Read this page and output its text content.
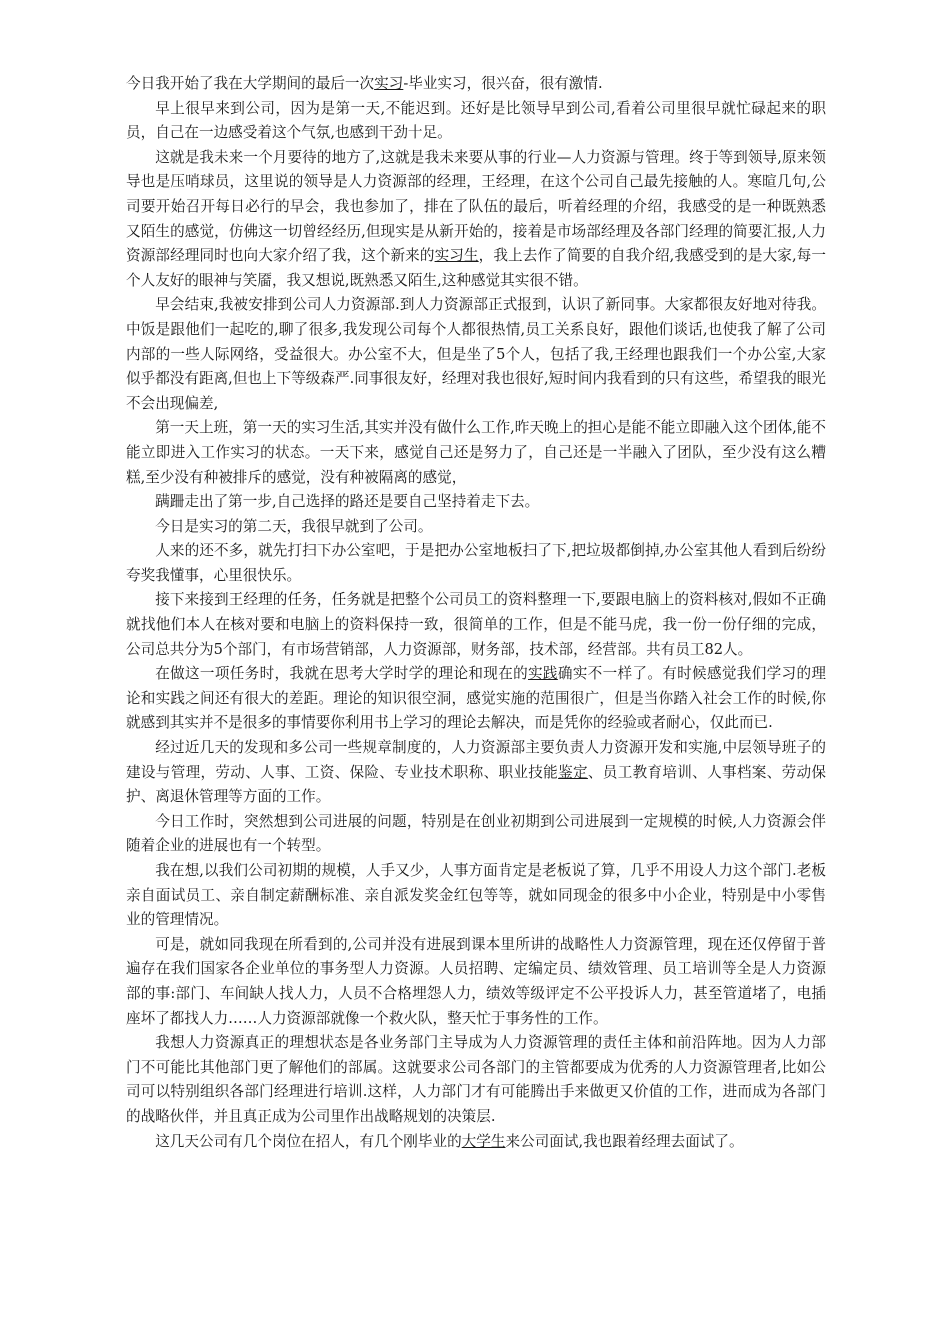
今日我开始了我在大学期间的最后一次实习-毕业实习，很兴奋，很有激情.

早上很早来到公司，因为是第一天,不能迟到。还好是比领导早到公司,看着公司里很早就忙碌起来的职员，自己在一边感受着这个气氛,也感到干劲十足。

这就是我未来一个月要待的地方了,这就是我未来要从事的行业—人力资源与管理。终于等到领导,原来领导也是压哨球员，这里说的领导是人力资源部的经理，王经理，在这个公司自己最先接触的人。寒暄几句,公司要开始召开每日必行的早会，我也参加了，排在了队伍的最后，听着经理的介绍，我感受的是一种既熟悉又陌生的感觉，仿佛这一切曾经经历,但现实是从新开始的，接着是市场部经理及各部门经理的简要汇报,人力资源部经理同时也向大家介绍了我，这个新来的实习生，我上去作了简要的自我介绍,我感受到的是大家,每一个人友好的眼神与笑靥，我又想说,既熟悉又陌生,这种感觉其实很不错。

早会结束,我被安排到公司人力资源部.到人力资源部正式报到，认识了新同事。大家都很友好地对待我。中饭是跟他们一起吃的,聊了很多,我发现公司每个人都很热情,员工关系良好，跟他们谈话,也使我了解了公司内部的一些人际网络，受益很大。办公室不大，但是坐了5个人，包括了我,王经理也跟我们一个办公室,大家似乎都没有距离,但也上下等级森严.同事很友好，经理对我也很好,短时间内我看到的只有这些，希望我的眼光不会出现偏差,

第一天上班，第一天的实习生活,其实并没有做什么工作,昨天晚上的担心是能不能立即融入这个团体,能不能立即进入工作实习的状态。一天下来，感觉自己还是努力了，自己还是一半融入了团队，至少没有这么糟糕,至少没有种被排斥的感觉，没有种被隔离的感觉，

蹒跚走出了第一步,自己选择的路还是要自己坚持着走下去。

今日是实习的第二天，我很早就到了公司。

人来的还不多，就先打扫下办公室吧，于是把办公室地板扫了下,把垃圾都倒掉,办公室其他人看到后纷纷夸奖我懂事，心里很快乐。

接下来接到王经理的任务，任务就是把整个公司员工的资料整理一下,要跟电脑上的资料核对,假如不正确就找他们本人在核对要和电脑上的资料保持一致，很简单的工作，但是不能马虎，我一份一份仔细的完成，公司总共分为5个部门，有市场营销部，人力资源部，财务部，技术部，经营部。共有员工82人。

在做这一项任务时，我就在思考大学时学的理论和现在的实践确实不一样了。有时候感觉我们学习的理论和实践之间还有很大的差距。理论的知识很空洞，感觉实施的范围很广，但是当你踏入社会工作的时候,你就感到其实并不是很多的事情要你利用书上学习的理论去解决，而是凭你的经验或者耐心，仅此而已.

经过近几天的发现和多公司一些规章制度的，人力资源部主要负责人力资源开发和实施,中层领导班子的建设与管理，劳动、人事、工资、保险、专业技术职称、职业技能鉴定、员工教育培训、人事档案、劳动保护、离退休管理等方面的工作。

今日工作时，突然想到公司进展的问题，特别是在创业初期到公司进展到一定规模的时候,人力资源会伴随着企业的进展也有一个转型。

我在想,以我们公司初期的规模，人手又少，人事方面肯定是老板说了算，几乎不用设人力这个部门.老板亲自面试员工、亲自制定薪酬标准、亲自派发奖金红包等等，就如同现金的很多中小企业，特别是中小零售业的管理情况。

可是，就如同我现在所看到的,公司并没有进展到课本里所讲的战略性人力资源管理，现在还仅停留于普遍存在我们国家各企业单位的事务型人力资源。人员招聘、定编定员、绩效管理、员工培训等全是人力资源部的事:部门、车间缺人找人力，人员不合格埋怨人力，绩效等级评定不公平投诉人力，甚至管道堵了，电插座坏了都找人力……人力资源部就像一个救火队，整天忙于事务性的工作。

我想人力资源真正的理想状态是各业务部门主导成为人力资源管理的责任主体和前沿阵地。因为人力部门不可能比其他部门更了解他们的部属。这就要求公司各部门的主管都要成为优秀的人力资源管理者,比如公司可以特别组织各部门经理进行培训.这样，人力部门才有可能腾出手来做更又价值的工作，进而成为各部门的战略伙伴，并且真正成为公司里作出战略规划的决策层.

这几天公司有几个岗位在招人，有几个刚毕业的大学生来公司面试,我也跟着经理去面试了。
